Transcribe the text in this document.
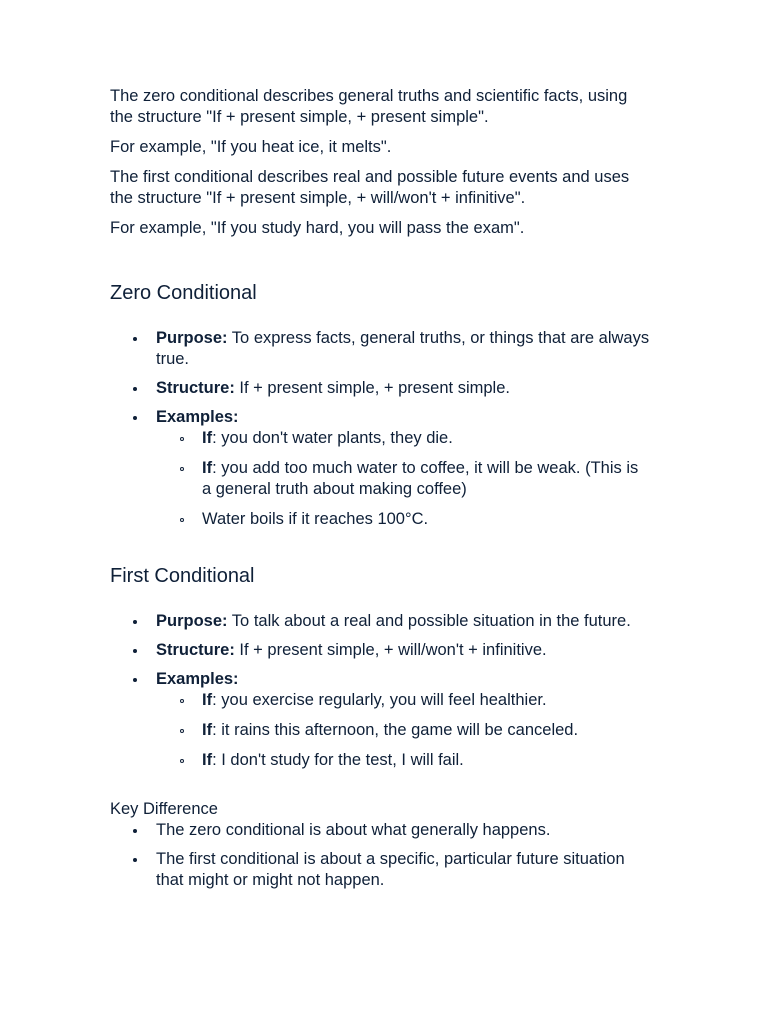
The zero conditional describes general truths and scientific facts, using the structure "If + present simple, + present simple".

For example, "If you heat ice, it melts".

The first conditional describes real and possible future events and uses the structure "If + present simple, + will/won't + infinitive".

For example, "If you study hard, you will pass the exam".

Zero Conditional
Purpose: To express facts, general truths, or things that are always true.
Structure: If + present simple, + present simple.
Examples:
If: you don't water plants, they die.
If: you add too much water to coffee, it will be weak. (This is a general truth about making coffee)
Water boils if it reaches 100°C.
First Conditional
Purpose: To talk about a real and possible situation in the future.
Structure: If + present simple, + will/won't + infinitive.
Examples:
If: you exercise regularly, you will feel healthier.
If: it rains this afternoon, the game will be canceled.
If: I don't study for the test, I will fail.
Key Difference
The zero conditional is about what generally happens.
The first conditional is about a specific, particular future situation that might or might not happen.
